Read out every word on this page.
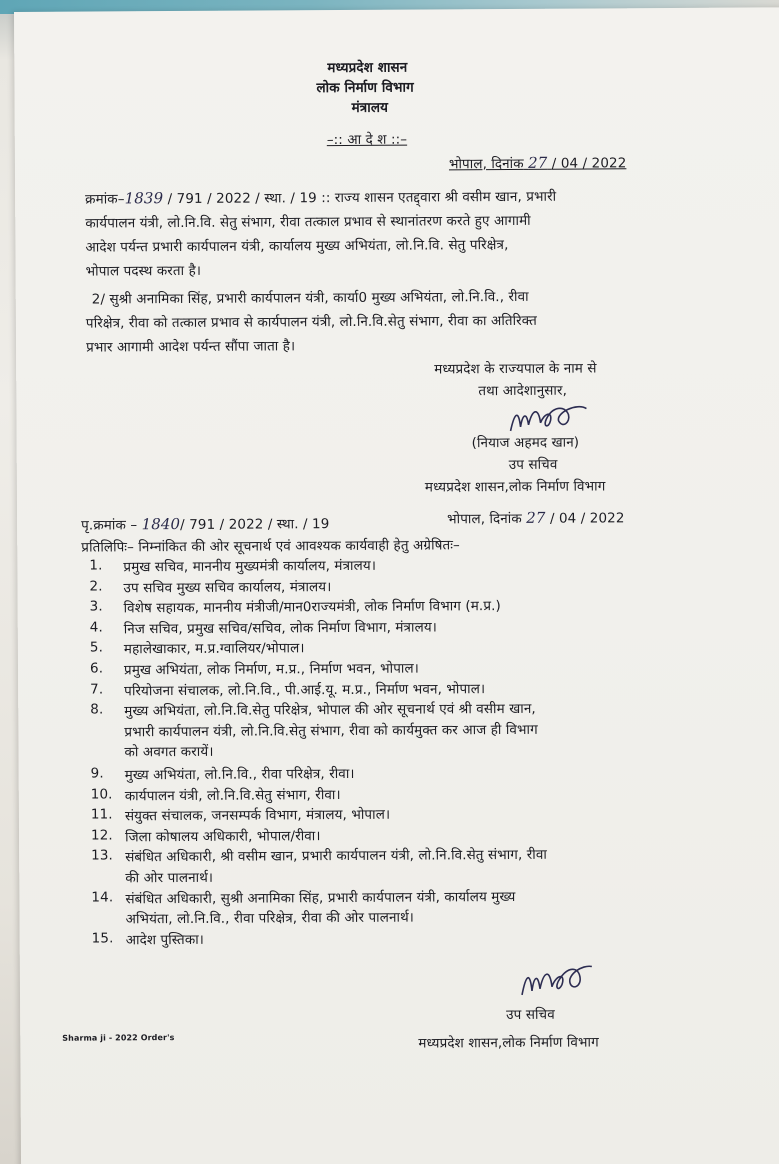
मध्यप्रदेश शासन
लोक निर्माण विभाग
मंत्रालय
–:: आ दे श ::–
भोपाल, दिनांक 27 / 04 / 2022
क्रमांक–1839 / 791 / 2022 / स्था. / 19 :: राज्य शासन एतद्द्वारा श्री वसीम खान, प्रभारी
कार्यपालन यंत्री, लो.नि.वि. सेतु संभाग, रीवा तत्काल प्रभाव से स्थानांतरण करते हुए आगामी
आदेश पर्यन्त प्रभारी कार्यपालन यंत्री, कार्यालय मुख्य अभियंता, लो.नि.वि. सेतु परिक्षेत्र,
भोपाल पदस्थ करता है।
2/ सुश्री अनामिका सिंह, प्रभारी कार्यपालन यंत्री, कार्या0 मुख्य अभियंता, लो.नि.वि., रीवा
परिक्षेत्र, रीवा को तत्काल प्रभाव से कार्यपालन यंत्री, लो.नि.वि.सेतु संभाग, रीवा का अतिरिक्त
प्रभार आगामी आदेश पर्यन्त सौंपा जाता है।
मध्यप्रदेश के राज्यपाल के नाम से
तथा आदेशानुसार,
(नियाज अहमद खान)
उप सचिव
मध्यप्रदेश शासन,लोक निर्माण विभाग
पृ.क्रमांक – 1840/ 791 / 2022 / स्था. / 19	भोपाल, दिनांक 27 / 04 / 2022
प्रतिलिपिः– निम्नांकित की ओर सूचनार्थ एवं आवश्यक कार्यवाही हेतु अग्रेषितः–
1. प्रमुख सचिव, माननीय मुख्यमंत्री कार्यालय, मंत्रालय।
2. उप सचिव मुख्य सचिव कार्यालय, मंत्रालय।
3. विशेष सहायक, माननीय मंत्रीजी/मान0राज्यमंत्री, लोक निर्माण विभाग (म.प्र.)
4. निज सचिव, प्रमुख सचिव/सचिव, लोक निर्माण विभाग, मंत्रालय।
5. महालेखाकार, म.प्र.ग्वालियर/भोपाल।
6. प्रमुख अभियंता, लोक निर्माण, म.प्र., निर्माण भवन, भोपाल।
7. परियोजना संचालक, लो.नि.वि., पी.आई.यू. म.प्र., निर्माण भवन, भोपाल।
8. मुख्य अभियंता, लो.नि.वि.सेतु परिक्षेत्र, भोपाल की ओर सूचनार्थ एवं श्री वसीम खान,
प्रभारी कार्यपालन यंत्री, लो.नि.वि.सेतु संभाग, रीवा को कार्यमुक्त कर आज ही विभाग
को अवगत करायें।
9. मुख्य अभियंता, लो.नि.वि., रीवा परिक्षेत्र, रीवा।
10. कार्यपालन यंत्री, लो.नि.वि.सेतु संभाग, रीवा।
11. संयुक्त संचालक, जनसम्पर्क विभाग, मंत्रालय, भोपाल।
12. जिला कोषालय अधिकारी, भोपाल/रीवा।
13. संबंधित अधिकारी, श्री वसीम खान, प्रभारी कार्यपालन यंत्री, लो.नि.वि.सेतु संभाग, रीवा
की ओर पालनार्थ।
14. संबंधित अधिकारी, सुश्री अनामिका सिंह, प्रभारी कार्यपालन यंत्री, कार्यालय मुख्य
अभियंता, लो.नि.वि., रीवा परिक्षेत्र, रीवा की ओर पालनार्थ।
15. आदेश पुस्तिका।
उप सचिव
मध्यप्रदेश शासन,लोक निर्माण विभाग
Sharma ji - 2022 Order's
